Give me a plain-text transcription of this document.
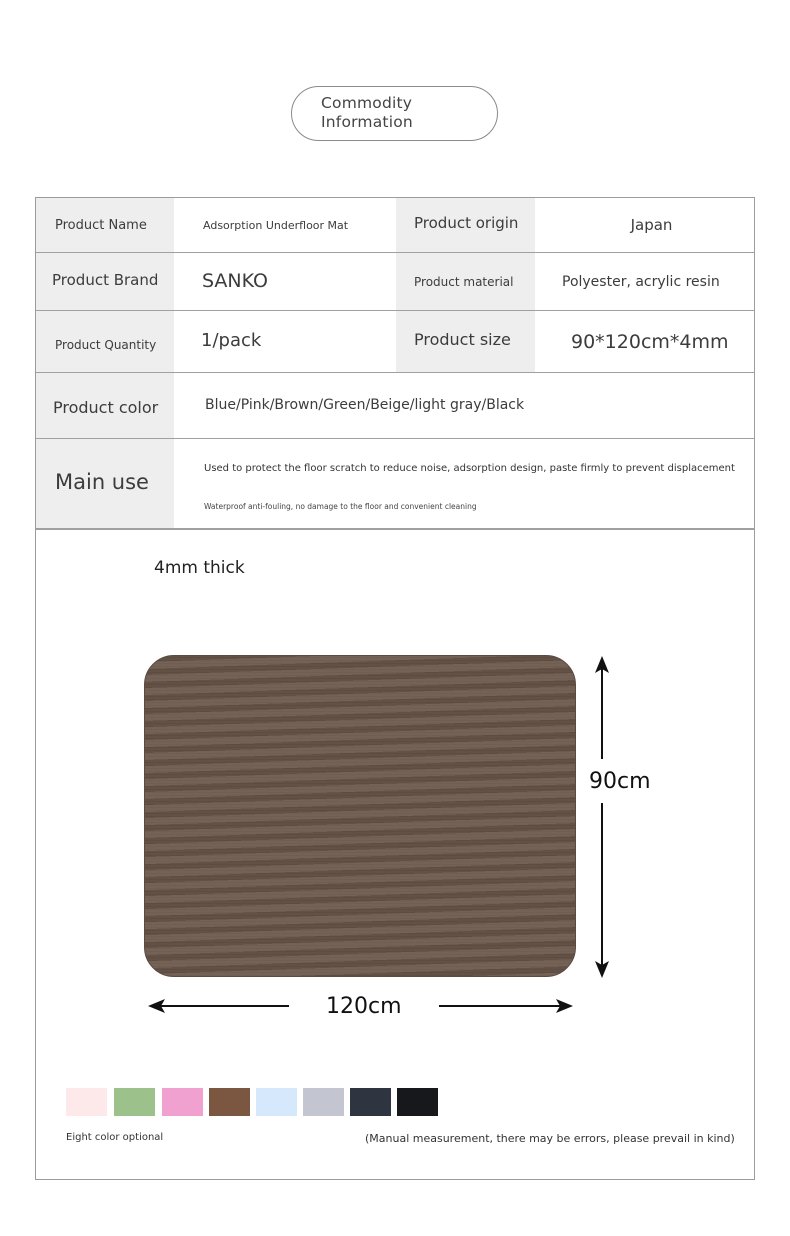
Commodity
Information
Product Name	Adsorption Underfloor Mat	Product origin	Japan
Product Brand SANKO	Product material	Polyester, acrylic resin
Product Quantity 1/pack	Product size	90*120cm*4mm
Product color	Blue/Pink/Brown/Green/Beige/light gray/Black
Main use
Used to protect the floor scratch to reduce noise, adsorption design, paste firmly to prevent displacement
Waterproof anti-fouling, no damage to the floor and convenient cleaning
4mm thick
90cm
120cm
Eight color optional	(Manual measurement, there may be errors, please prevail in kind)
